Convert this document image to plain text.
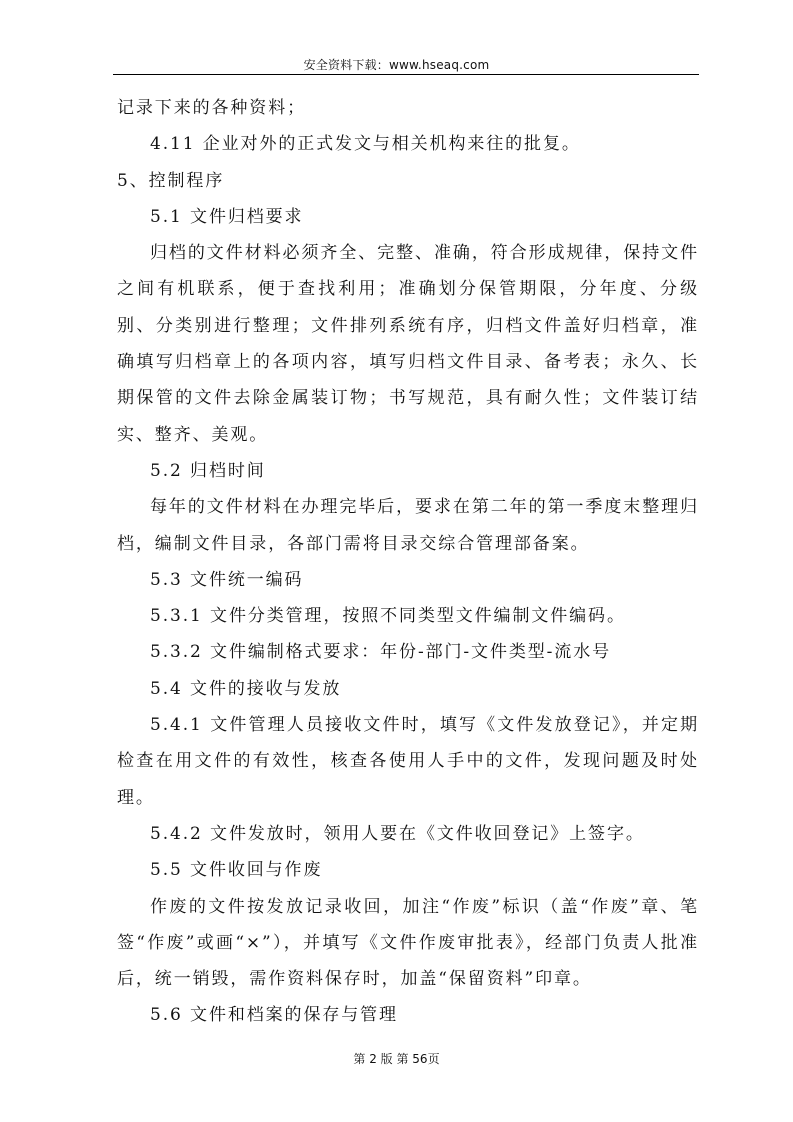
安全资料下载：www.hseaq.com

记录下来的各种资料；

4.11 企业对外的正式发文与相关机构来往的批复。

5、控制程序

5.1 文件归档要求

归档的文件材料必须齐全、完整、准确，符合形成规律，保持文件之间有机联系，便于查找利用；准确划分保管期限，分年度、分级别、分类别进行整理；文件排列系统有序，归档文件盖好归档章，准确填写归档章上的各项内容，填写归档文件目录、备考表；永久、长期保管的文件去除金属装订物；书写规范，具有耐久性；文件装订结实、整齐、美观。

5.2 归档时间

每年的文件材料在办理完毕后，要求在第二年的第一季度末整理归档，编制文件目录，各部门需将目录交综合管理部备案。

5.3 文件统一编码

5.3.1 文件分类管理，按照不同类型文件编制文件编码。

5.3.2 文件编制格式要求：年份-部门-文件类型-流水号

5.4 文件的接收与发放

5.4.1 文件管理人员接收文件时，填写《文件发放登记》，并定期检查在用文件的有效性，核查各使用人手中的文件，发现问题及时处理。

5.4.2 文件发放时，领用人要在《文件收回登记》上签字。

5.5 文件收回与作废

作废的文件按发放记录收回，加注“作废”标识（盖“作废”章、笔签“作废”或画“×”），并填写《文件作废审批表》，经部门负责人批准后，统一销毁，需作资料保存时，加盖“保留资料”印章。

5.6 文件和档案的保存与管理

第 2 版 第 56页
